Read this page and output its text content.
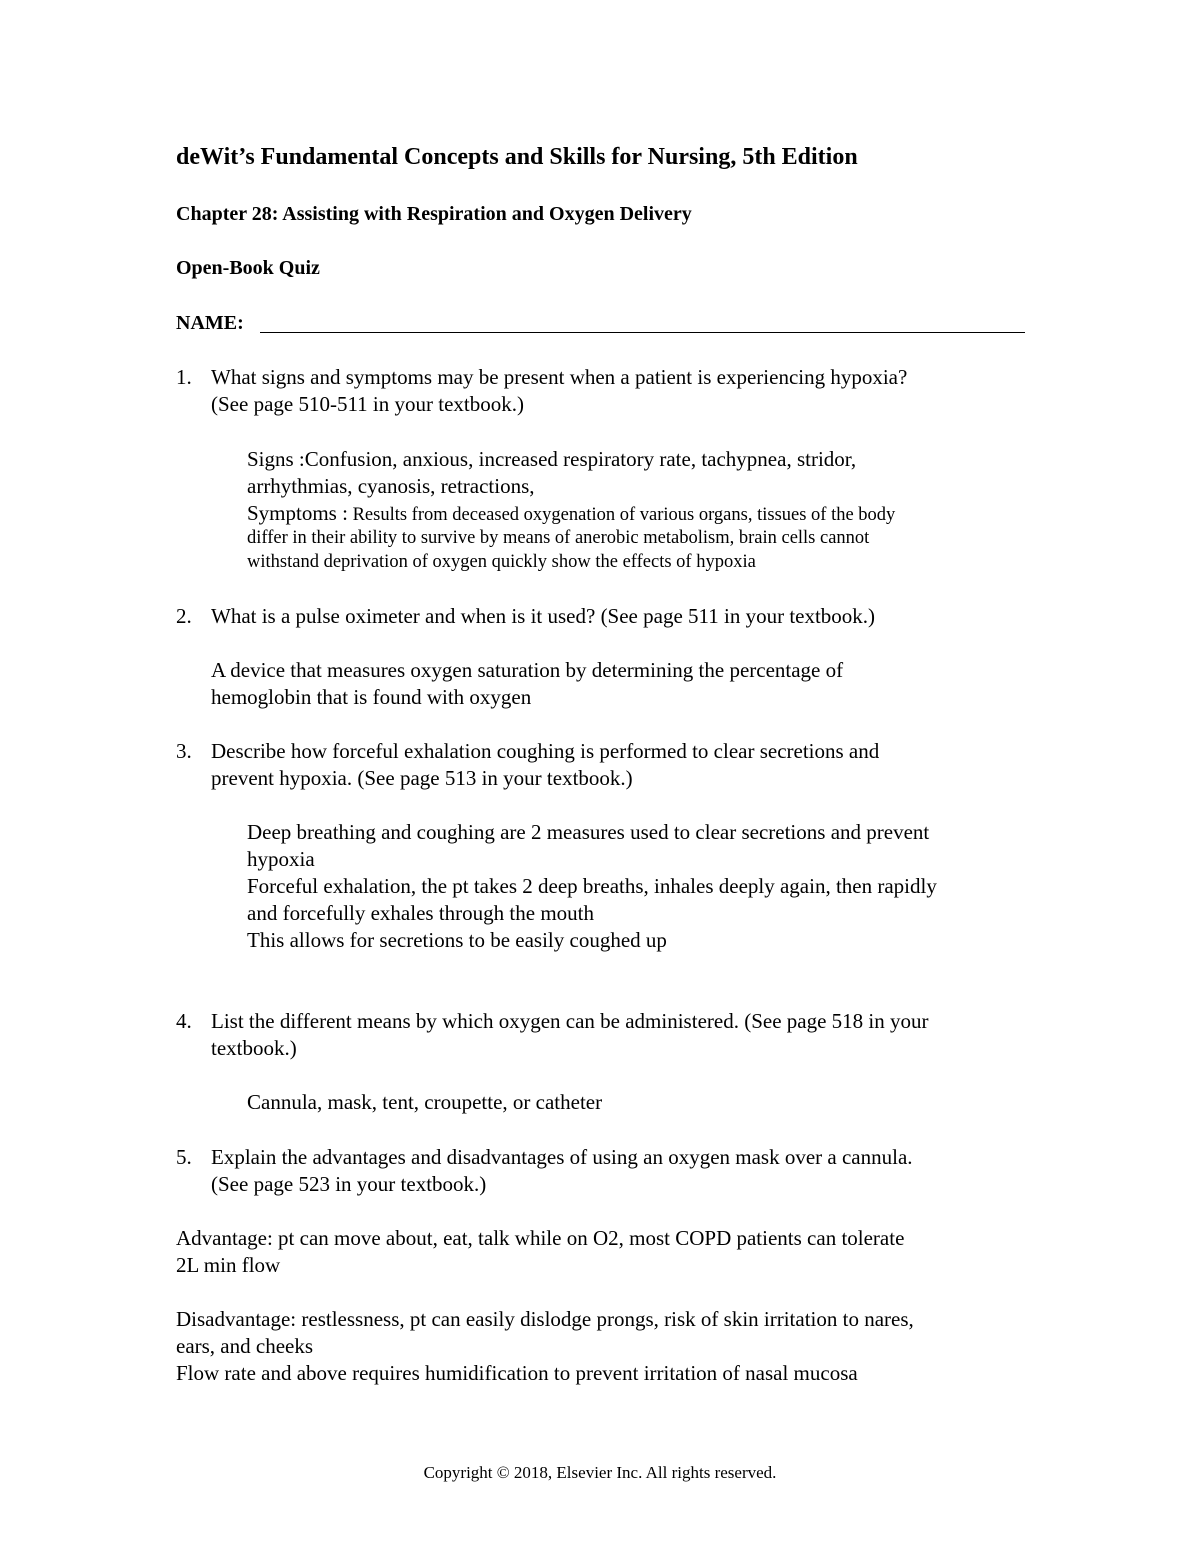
deWit’s Fundamental Concepts and Skills for Nursing, 5th Edition

Chapter 28: Assisting with Respiration and Oxygen Delivery

Open-Book Quiz

NAME:

1. What signs and symptoms may be present when a patient is experiencing hypoxia?

(See page 510-511 in your textbook.)

Signs :Confusion, anxious, increased respiratory rate, tachypnea, stridor,

arrhythmias, cyanosis, retractions,

Symptoms : Results from deceased oxygenation of various organs, tissues of the body

differ in their ability to survive by means of anerobic metabolism, brain cells cannot

withstand deprivation of oxygen quickly show the effects of hypoxia

2. What is a pulse oximeter and when is it used? (See page 511 in your textbook.)

A device that measures oxygen saturation by determining the percentage of

hemoglobin that is found with oxygen

3. Describe how forceful exhalation coughing is performed to clear secretions and

prevent hypoxia. (See page 513 in your textbook.)

Deep breathing and coughing are 2 measures used to clear secretions and prevent

hypoxia

Forceful exhalation, the pt takes 2 deep breaths, inhales deeply again, then rapidly

and forcefully exhales through the mouth

This allows for secretions to be easily coughed up

4. List the different means by which oxygen can be administered. (See page 518 in your

textbook.)

Cannula, mask, tent, croupette, or catheter

5. Explain the advantages and disadvantages of using an oxygen mask over a cannula.

(See page 523 in your textbook.)

Advantage: pt can move about, eat, talk while on O2, most COPD patients can tolerate

2L min flow

Disadvantage: restlessness, pt can easily dislodge prongs, risk of skin irritation to nares,

ears, and cheeks

Flow rate and above requires humidification to prevent irritation of nasal mucosa

Copyright © 2018, Elsevier Inc. All rights reserved.
